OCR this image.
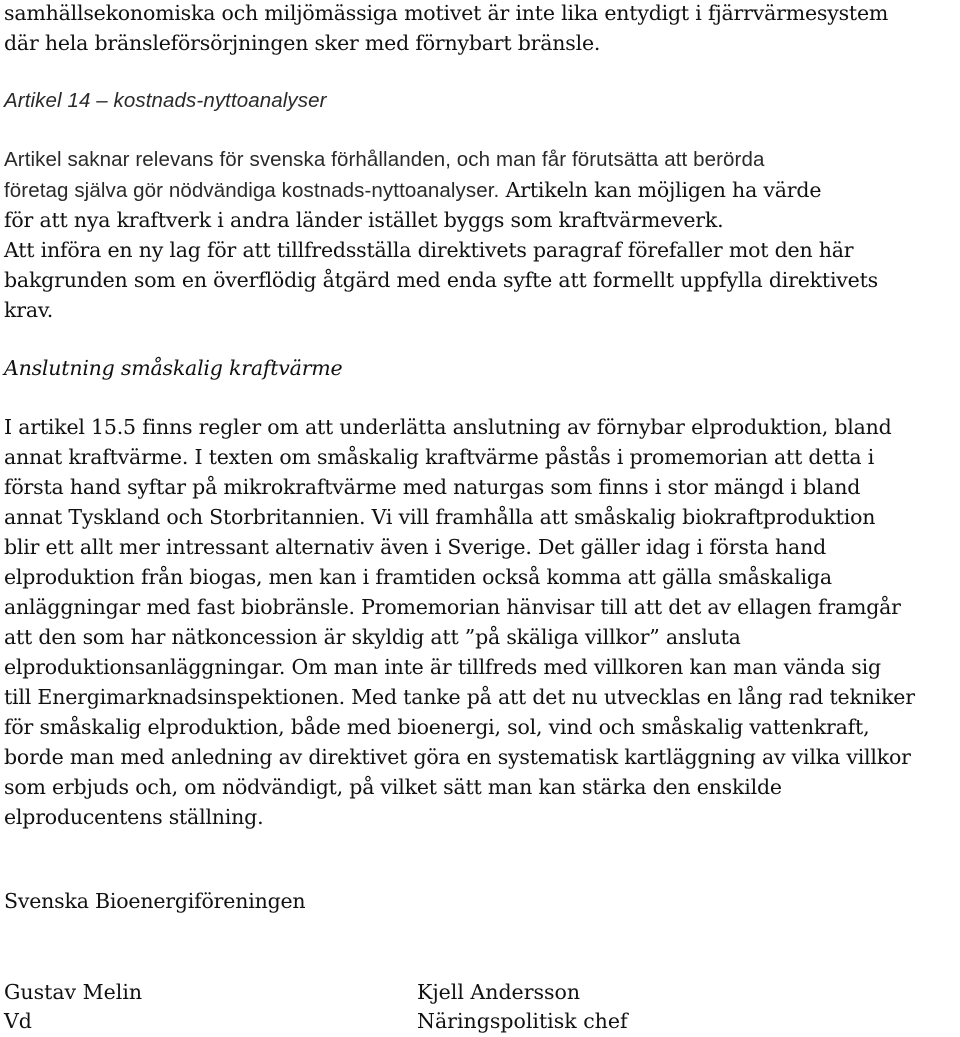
samhällsekonomiska och miljömässiga motivet är inte lika entydigt i fjärrvärmesystem
där hela bränsleförsörjningen sker med förnybart bränsle.
Artikel 14 – kostnads-nyttoanalyser
Artikel saknar relevans för svenska förhållanden, och man får förutsätta att berörda
företag själva gör nödvändiga kostnads-nyttoanalyser. Artikeln kan möjligen ha värde
för att nya kraftverk i andra länder istället byggs som kraftvärmeverk.
Att införa en ny lag för att tillfredsställa direktivets paragraf förefaller mot den här
bakgrunden som en överflödig åtgärd med enda syfte att formellt uppfylla direktivets
krav.
Anslutning småskalig kraftvärme
I artikel 15.5 finns regler om att underlätta anslutning av förnybar elproduktion, bland
annat kraftvärme. I texten om småskalig kraftvärme påstås i promemorian att detta i
första hand syftar på mikrokraftvärme med naturgas som finns i stor mängd i bland
annat Tyskland och Storbritannien. Vi vill framhålla att småskalig biokraftproduktion
blir ett allt mer intressant alternativ även i Sverige. Det gäller idag i första hand
elproduktion från biogas, men kan i framtiden också komma att gälla småskaliga
anläggningar med fast biobränsle. Promemorian hänvisar till att det av ellagen framgår
att den som har nätkoncession är skyldig att ”på skäliga villkor” ansluta
elproduktionsanläggningar. Om man inte är tillfreds med villkoren kan man vända sig
till Energimarknadsinspektionen. Med tanke på att det nu utvecklas en lång rad tekniker
för småskalig elproduktion, både med bioenergi, sol, vind och småskalig vattenkraft,
borde man med anledning av direktivet göra en systematisk kartläggning av vilka villkor
som erbjuds och, om nödvändigt, på vilket sätt man kan stärka den enskilde
elproducentens ställning.
Svenska Bioenergiföreningen
Gustav Melin
Vd
Kjell Andersson
Näringspolitisk chef
